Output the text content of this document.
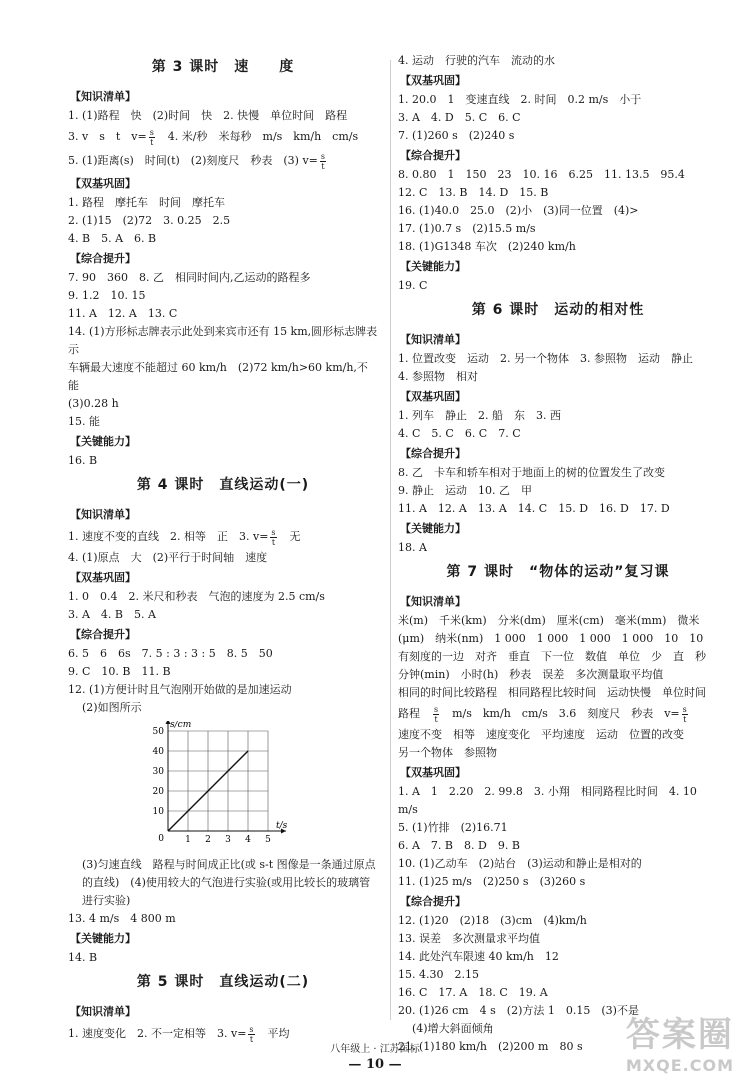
第 3 课时　速　　度
【知识清单】
1. (1)路程　快　(2)时间　快　2. 快慢　单位时间　路程
3. v　s　t　$v= \frac{s}{t}$ 　4. 米/秒　米每秒　m/s　km/h　cm/s
5. (1)距离(s)　时间(t)　(2)刻度尺　秒表　(3) $v= \frac{s}{t}$
【双基巩固】
1. 路程　摩托车　时间　摩托车
2. (1)15　(2)72　3. 0.25　2.5
4. B　5. A　6. B
【综合提升】
7. 90　360　8. 乙　相同时间内,乙运动的路程多
9. 1.2　10. 15
11. A　12. A　13. C
14. (1)方形标志牌表示此处到来宾市还有 15 km,圆形标志牌表示
车辆最大速度不能超过 60 km/h　(2)72 km/h>60 km/h,不能
(3)0.28 h
15. 能
【关键能力】
16. B
第 4 课时　直线运动(一)
【知识清单】
1. 速度不变的直线　2. 相等　正　3. $v= \frac{s}{t}$ 　无
4. (1)原点　大　(2)平行于时间轴　速度
【双基巩固】
1. 0　0.4　2. 米尺和秒表　气泡的速度为 2.5 cm/s
3. A　4. B　5. A
【综合提升】
6. 5　6　6s　7. 5 : 3 : 3 : 5　8. 5　50
9. C　10. B　11. B
12. (1)方便计时且气泡刚开始做的是加速运动
(2)如图所示
10
20
30
40
50
1 2 3 4 5
0
s/cm
t/s
(3)匀速直线　路程与时间成正比(或 s-t 图像是一条通过原点
的直线)　(4)使用较大的气泡进行实验(或用比较长的玻璃管
进行实验)
13. 4 m/s　4 800 m
【关键能力】
14. B
第 5 课时　直线运动(二)
【知识清单】
1. 速度变化　2. 不一定相等　3. $v= \frac{s}{t}$ 　平均
4. 运动　行驶的汽车　流动的水
【双基巩固】
1. 20.0　1　变速直线　2. 时间　0.2 m/s　小于
3. A　4. D　5. C　6. C
7. (1)260 s　(2)240 s
【综合提升】
8. 0.80　1　150　23　10. 16　6.25　11. 13.5　95.4
12. C　13. B　14. D　15. B
16. (1)40.0　25.0　(2)小　(3)同一位置　(4)>
17. (1)0.7 s　(2)15.5 m/s
18. (1)G1348 车次　(2)240 km/h
【关键能力】
19. C
第 6 课时　运动的相对性
【知识清单】
1. 位置改变　运动　2. 另一个物体　3. 参照物　运动　静止
4. 参照物　相对
【双基巩固】
1. 列车　静止　2. 船　东　3. 西
4. C　5. C　6. C　7. C
【综合提升】
8. 乙　卡车和轿车相对于地面上的树的位置发生了改变
9. 静止　运动　10. 乙　甲
11. A　12. A　13. A　14. C　15. D　16. D　17. D
【关键能力】
18. A
第 7 课时　“物体的运动”复习课
【知识清单】
米(m)　千米(km)　分米(dm)　厘米(cm)　毫米(mm)　微米
(μm)　纳米(nm)　1 000　1 000　1 000　1 000　10　10
有刻度的一边　对齐　垂直　下一位　数值　单位　少　直　秒
分钟(min)　小时(h)　秒表　误差　多次测量取平均值
相同的时间比较路程　相同路程比较时间　运动快慢　单位时间
路程　 $\frac{s}{t}$ 　m/s　km/h　cm/s　3.6　刻度尺　秒表　$v= \frac{s}{t}$
速度不变　相等　速度变化　平均速度　运动　位置的改变
另一个物体　参照物
【双基巩固】
1. A　1　2.20　2. 99.8　3. 小翔　相同路程比时间　4. 10 m/s
5. (1)竹排　(2)16.71
6. A　7. B　8. D　9. B
10. (1)乙动车　(2)站台　(3)运动和静止是相对的
11. (1)25 m/s　(2)250 s　(3)260 s
【综合提升】
12. (1)20　(2)18　(3)cm　(4)km/h
13. 误差　多次测量求平均值
14. 此处汽车限速 40 km/h　12
15. 4.30　2.15
16. C　17. A　18. C　19. A
20. (1)26 cm　4 s　(2)方法 1　0.15　(3)不是
(4)增大斜面倾角
21. (1)180 km/h　(2)200 m　80 s
八年级上 · 江苏国标
— 10 —
答案圈
MXQE.COM
